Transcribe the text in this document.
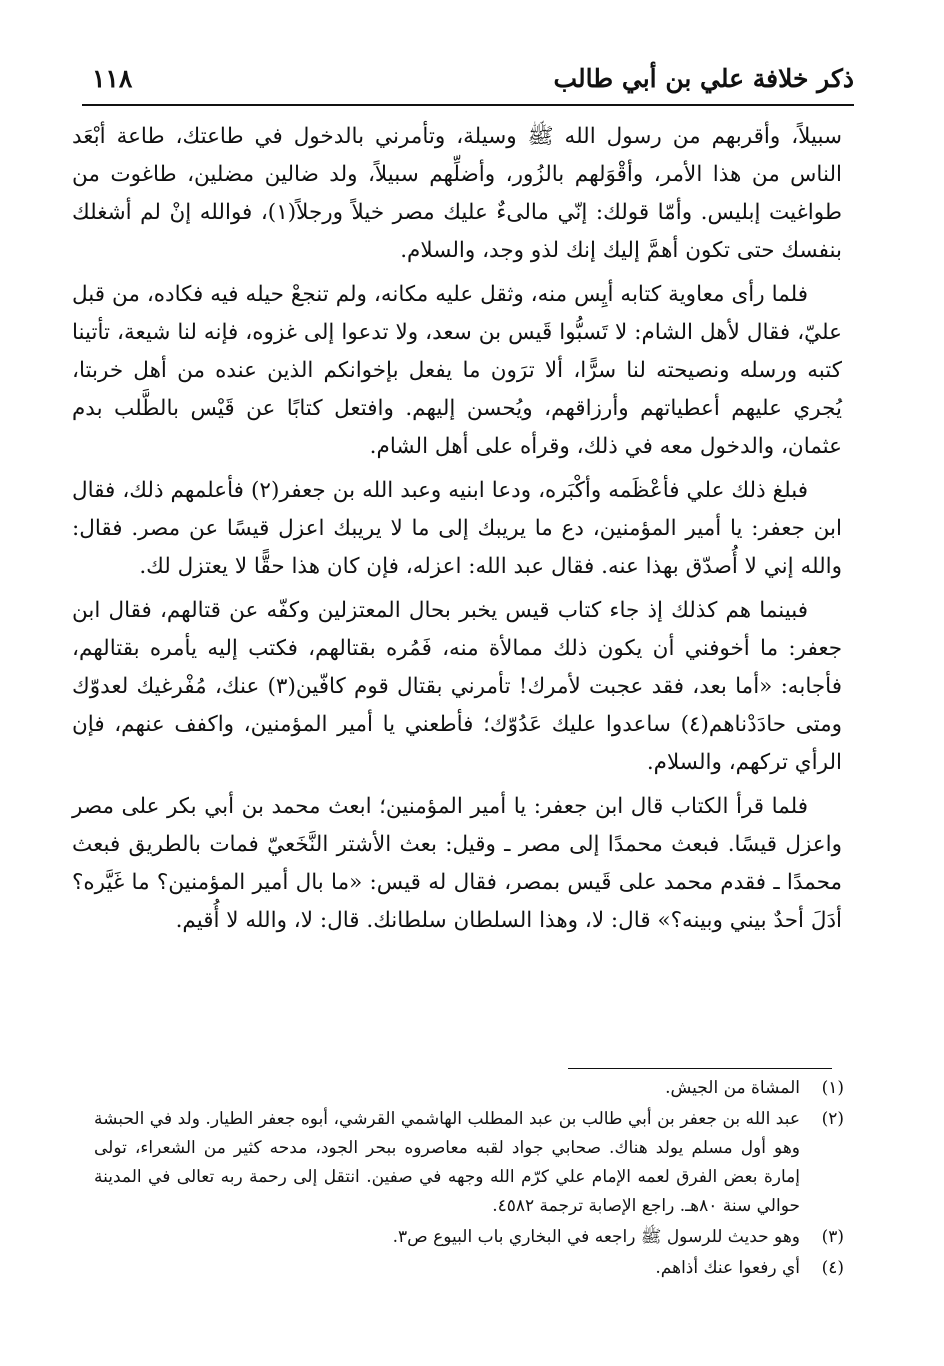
ذكر خلافة علي بن أبي طالب
١١٨

سبيلاً، وأقربهم من رسول الله ﷺ وسيلة، وتأمرني بالدخول في طاعتك، طاعة أبْعَد الناس من هذا الأمر، وأقْوَلهم بالزُور، وأضلِّهم سبيلاً، ولد ضالين مضلين، طاغوت من طواغيت إبليس. وأمّا قولك: إنّي مالىءٌ عليك مصر خيلاً ورجلاً(١)، فوالله إنْ لم أشغلك بنفسك حتى تكون أهمَّ إليك إنك لذو وجد، والسلام.

فلما رأى معاوية كتابه أيِس منه، وثقل عليه مكانه، ولم تنجعْ حيله فيه فكاده، من قبل عليّ، فقال لأهل الشام: لا تَسبُّوا قَيس بن سعد، ولا تدعوا إلى غزوه، فإنه لنا شيعة، تأتينا كتبه ورسله ونصيحته لنا سرًّا، ألا ترَون ما يفعل بإخوانكم الذين عنده من أهل خربتا، يُجري عليهم أعطياتهم وأرزاقهم، ويُحسن إليهم. وافتعل كتابًا عن قَيْس بالطَّلب بدم عثمان، والدخول معه في ذلك، وقرأه على أهل الشام.

فبلغ ذلك علي فأعْظَمه وأكْبَره، ودعا ابنيه وعبد الله بن جعفر(٢) فأعلمهم ذلك، فقال ابن جعفر: يا أمير المؤمنين، دع ما يريبك إلى ما لا يريبك اعزل قيسًا عن مصر. فقال: والله إني لا أُصدّق بهذا عنه. فقال عبد الله: اعزله، فإن كان هذا حقًّا لا يعتزل لك.

فبينما هم كذلك إذ جاء كتاب قيس يخبر بحال المعتزلين وكفّه عن قتالهم، فقال ابن جعفر: ما أخوفني أن يكون ذلك ممالأة منه، فَمُره بقتالهم، فكتب إليه يأمره بقتالهم، فأجابه: «أما بعد، فقد عجبت لأمرك! تأمرني بقتال قوم كافّين(٣) عنك، مُفْرغيك لعدوّك ومتى حادَدْناهم(٤) ساعدوا عليك عَدُوّك؛ فأطعني يا أمير المؤمنين، واكفف عنهم، فإن الرأي تركهم، والسلام.

فلما قرأ الكتاب قال ابن جعفر: يا أمير المؤمنين؛ ابعث محمد بن أبي بكر على مصر واعزل قيسًا. فبعث محمدًا إلى مصر ـ وقيل: بعث الأشتر النَّخَعيّ فمات بالطريق فبعث محمدًا ـ فقدم محمد على قَيس بمصر، فقال له قيس: «ما بال أمير المؤمنين؟ ما غَيَّره؟ أدَلَ أحدٌ بيني وبينه؟» قال: لا، وهذا السلطان سلطانك. قال: لا، والله لا أُقيم.

(١)
المشاة من الجيش.
(٢)
عبد الله بن جعفر بن أبي طالب بن عبد المطلب الهاشمي القرشي، أبوه جعفر الطيار. ولد في الحبشة وهو أول مسلم يولد هناك. صحابي جواد لقبه معاصروه ببحر الجود، مدحه كثير من الشعراء، تولى إمارة بعض الفرق لعمه الإمام علي كرّم الله وجهه في صفين. انتقل إلى رحمة ربه تعالى في المدينة حوالي سنة ٨٠هـ. راجع الإصابة ترجمة ٤٥٨٢.
(٣)
وهو حديث للرسول ﷺ راجعه في البخاري باب البيوع ص٣.
(٤)
أي رفعوا عنك أذاهم.
